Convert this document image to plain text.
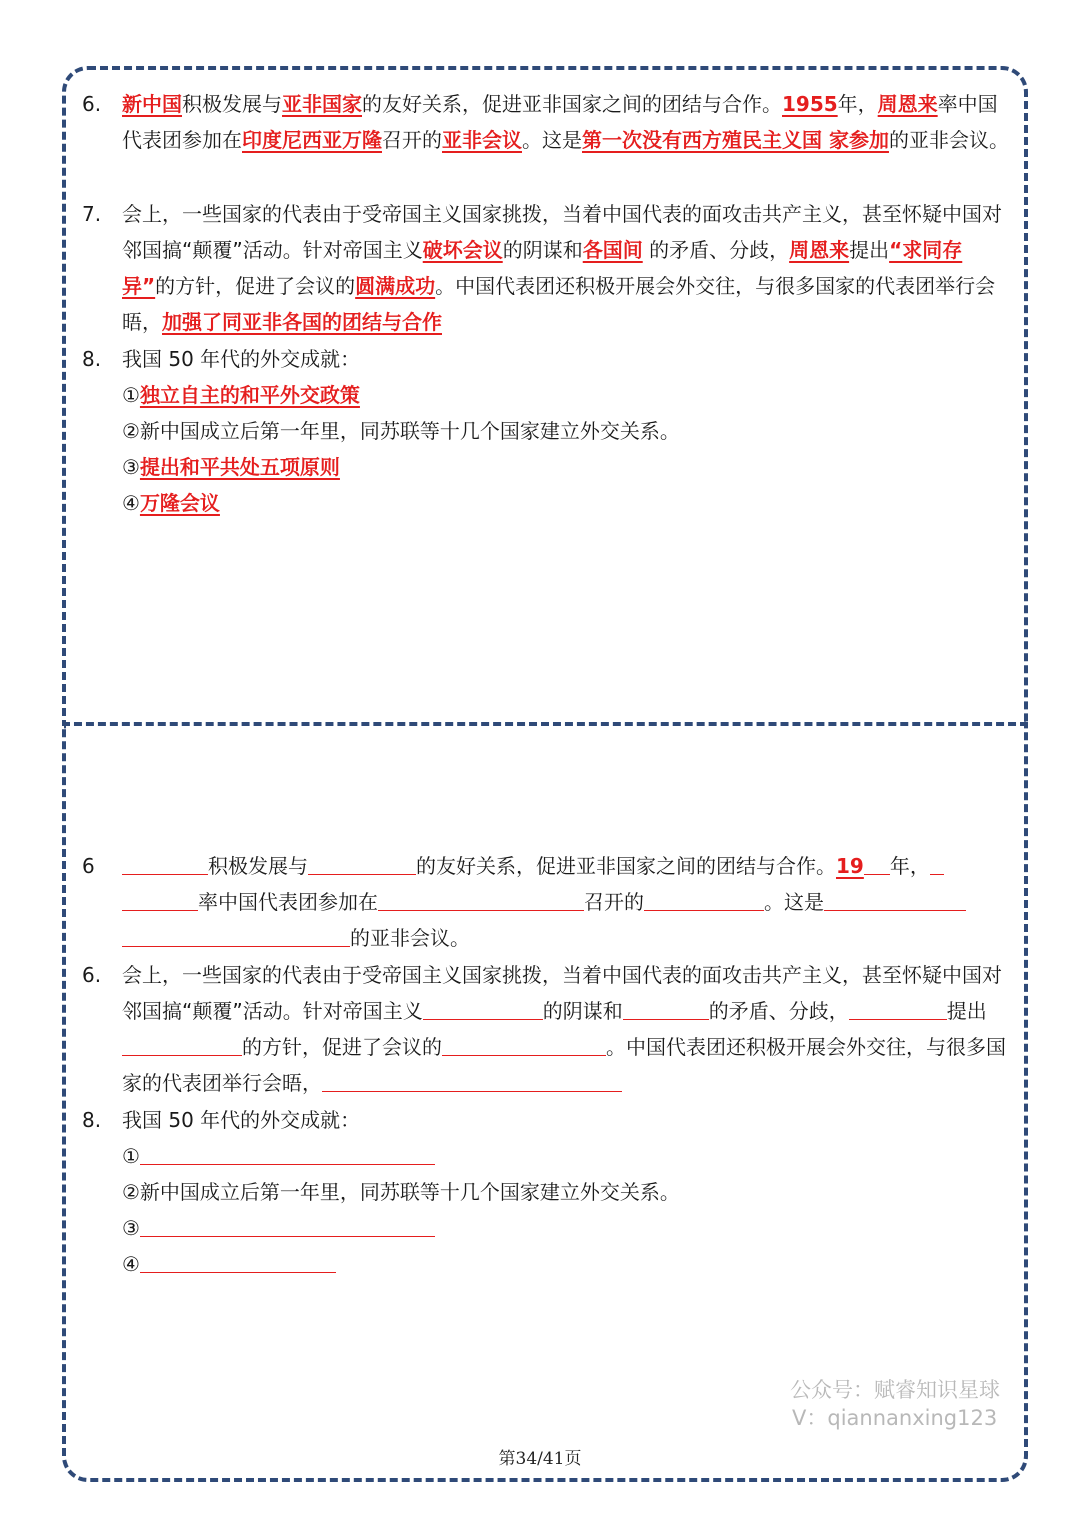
6.	新中国积极发展与亚非国家的友好关系，促进亚非国家之间的团结与合作。1955年，周恩来率中国代表团参加在印度尼西亚万隆召开的亚非会议。这是第一次没有西方殖民主义国 家参加的亚非会议。
7.	会上，一些国家的代表由于受帝国主义国家挑拨，当着中国代表的面攻击共产主义，甚至怀疑中国对邻国搞“颠覆”活动。针对帝国主义破坏会议的阴谋和各国间 的矛盾、分歧，周恩来提出“求同存异”的方针，促进了会议的圆满成功。中国代表团还积极开展会外交往，与很多国家的代表团举行会晤，加强了同亚非各国的团结与合作
8.	我国 50 年代的外交成就：
①独立自主的和平外交政策
②新中国成立后第一年里，同苏联等十几个国家建立外交关系。
③提出和平共处五项原则
④万隆会议
6	积极发展与	的友好关系，促进亚非国家之间的团结与合作。19 年，率中国代表团参加在	召开的	。这是的亚非会议。
6.	会上，一些国家的代表由于受帝国主义国家挑拨，当着中国代表的面攻击共产主义，甚至怀疑中国对邻国搞“颠覆”活动。针对帝国主义	的阴谋和	的矛盾、分歧，	提出的方针，促进了会议的	。中国代表团还积极开展会外交往，与很多国家的代表团举行会晤，
8.	我国 50 年代的外交成就：
①
②新中国成立后第一年里，同苏联等十几个国家建立外交关系。
③
④
公众号：赋睿知识星球
V：qiannanxing123
第34/41页
